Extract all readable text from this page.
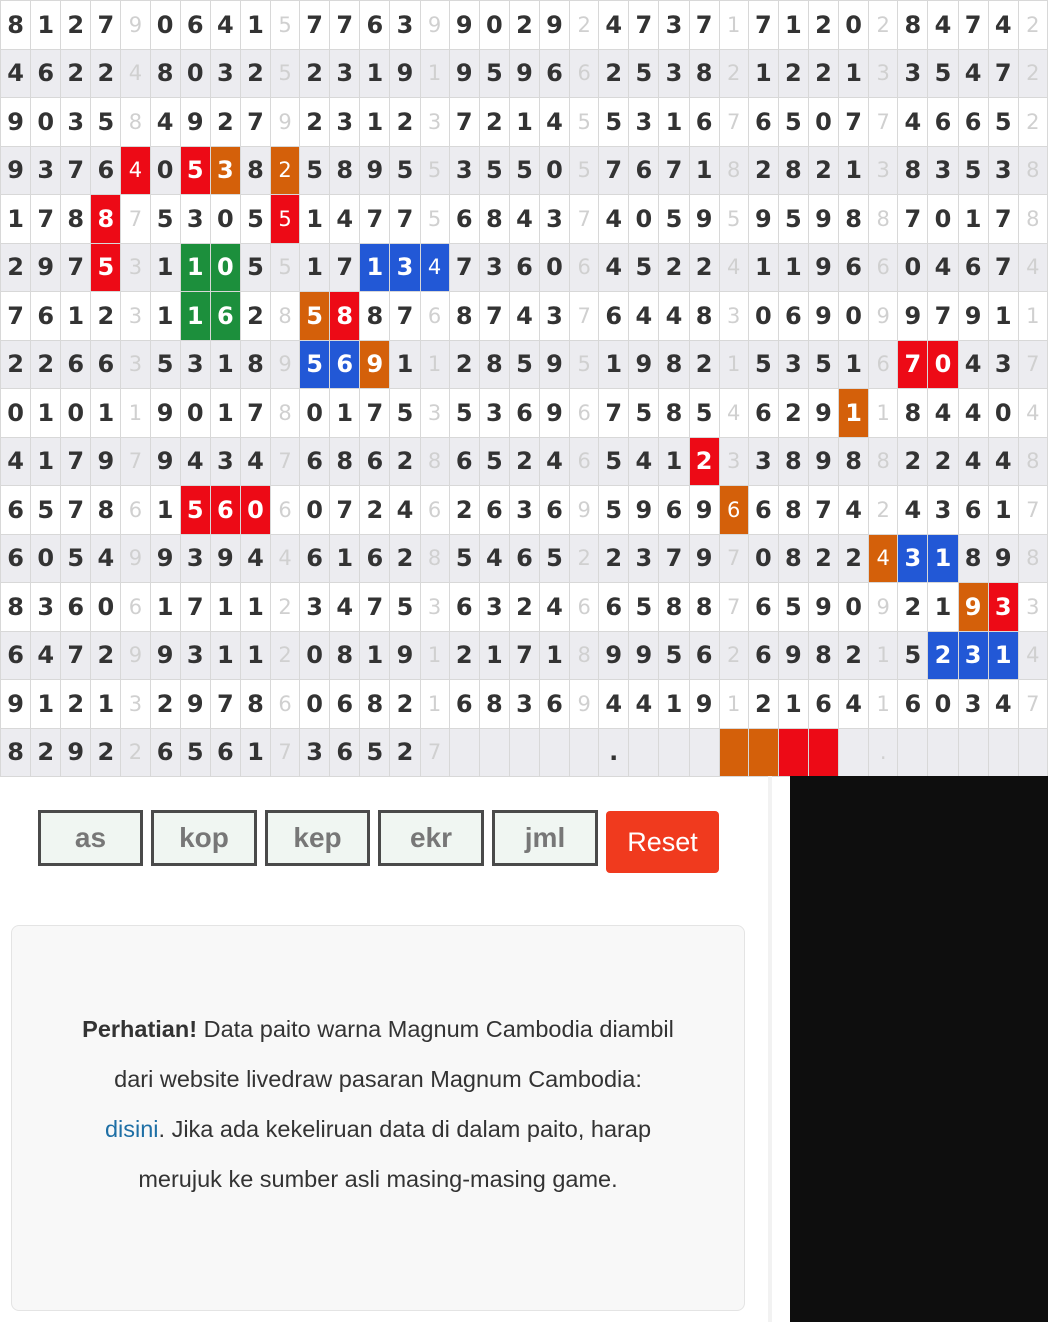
8	1	2	7	9	0	6	4	1	5	7	7	6	3	9	9	0	2	9	2	4	7	3	7	1	7	1	2	0	2	8	4	7	4	2
4	6	2	2	4	8	0	3	2	5	2	3	1	9	1	9	5	9	6	6	2	5	3	8	2	1	2	2	1	3	3	5	4	7	2
9	0	3	5	8	4	9	2	7	9	2	3	1	2	3	7	2	1	4	5	5	3	1	6	7	6	5	0	7	7	4	6	6	5	2
9	3	7	6	4	0	5	3	8	2	5	8	9	5	5	3	5	5	0	5	7	6	7	1	8	2	8	2	1	3	8	3	5	3	8
1	7	8	8	7	5	3	0	5	5	1	4	7	7	5	6	8	4	3	7	4	0	5	9	5	9	5	9	8	8	7	0	1	7	8
2	9	7	5	3	1	1	0	5	5	1	7	1	3	4	7	3	6	0	6	4	5	2	2	4	1	1	9	6	6	0	4	6	7	4
7	6	1	2	3	1	1	6	2	8	5	8	8	7	6	8	7	4	3	7	6	4	4	8	3	0	6	9	0	9	9	7	9	1	1
2	2	6	6	3	5	3	1	8	9	5	6	9	1	1	2	8	5	9	5	1	9	8	2	1	5	3	5	1	6	7	0	4	3	7
0	1	0	1	1	9	0	1	7	8	0	1	7	5	3	5	3	6	9	6	7	5	8	5	4	6	2	9	1	1	8	4	4	0	4
4	1	7	9	7	9	4	3	4	7	6	8	6	2	8	6	5	2	4	6	5	4	1	2	3	3	8	9	8	8	2	2	4	4	8
6	5	7	8	6	1	5	6	0	6	0	7	2	4	6	2	6	3	6	9	5	9	6	9	6	6	8	7	4	2	4	3	6	1	7
6	0	5	4	9	9	3	9	4	4	6	1	6	2	8	5	4	6	5	2	2	3	7	9	7	0	8	2	2	4	3	1	8	9	8
8	3	6	0	6	1	7	1	1	2	3	4	7	5	3	6	3	2	4	6	6	5	8	8	7	6	5	9	0	9	2	1	9	3	3
6	4	7	2	9	9	3	1	1	2	0	8	1	9	1	2	1	7	1	8	9	9	5	6	2	6	9	8	2	1	5	2	3	1	4
9	1	2	1	3	2	9	7	8	6	0	6	8	2	1	6	8	3	6	9	4	4	1	9	1	2	1	6	4	1	6	0	3	4	7
8	2	9	2	2	6	5	6	1	7	3	6	5	2	7						.									.					
as	kop	kep	ekr	jml	Reset
Perhatian! Data paito warna Magnum Cambodia diambil dari website livedraw pasaran Magnum Cambodia: disini. Jika ada kekeliruan data di dalam paito, harap merujuk ke sumber asli masing-masing game.
